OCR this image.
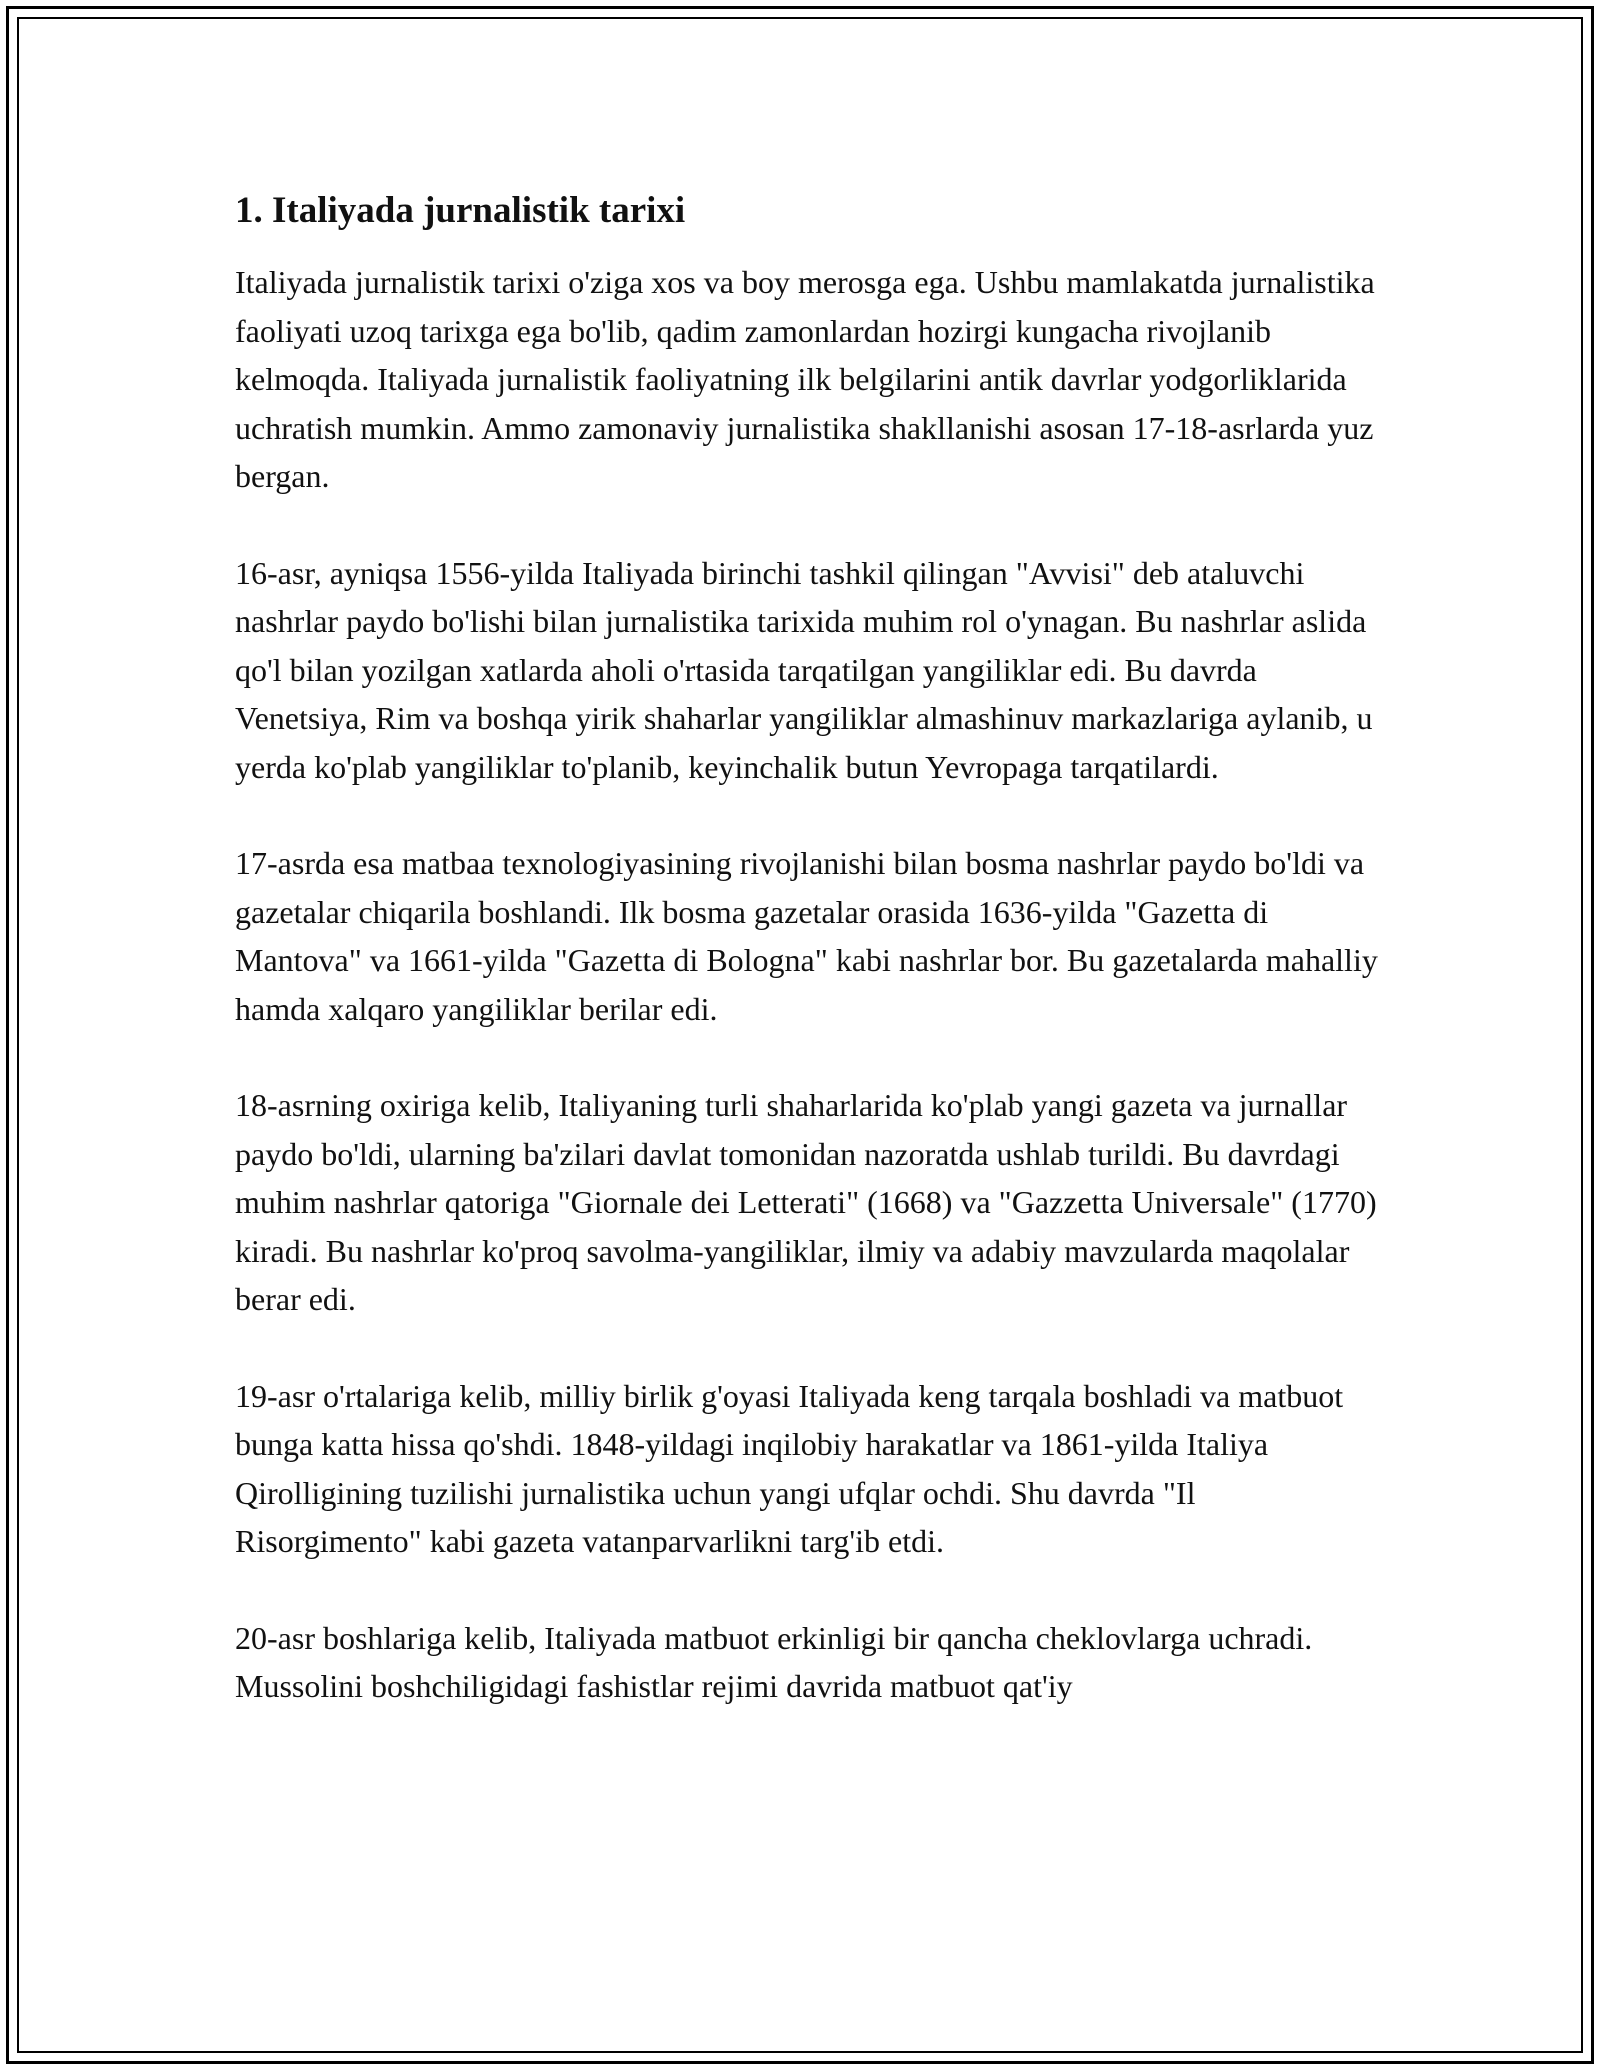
1. Italiyada jurnalistik tarixi

Italiyada jurnalistik tarixi o'ziga xos va boy merosga ega. Ushbu mamlakatda jurnalistika faoliyati uzoq tarixga ega bo'lib, qadim zamonlardan hozirgi kungacha rivojlanib kelmoqda. Italiyada jurnalistik faoliyatning ilk belgilarini antik davrlar yodgorliklarida uchratish mumkin. Ammo zamonaviy jurnalistika shakllanishi asosan 17-18-asrlarda yuz bergan.

16-asr, ayniqsa 1556-yilda Italiyada birinchi tashkil qilingan "Avvisi" deb ataluvchi nashrlar paydo bo'lishi bilan jurnalistika tarixida muhim rol o'ynagan. Bu nashrlar aslida qo'l bilan yozilgan xatlarda aholi o'rtasida tarqatilgan yangiliklar edi. Bu davrda Venetsiya, Rim va boshqa yirik shaharlar yangiliklar almashinuv markazlariga aylanib, u yerda ko'plab yangiliklar to'planib, keyinchalik butun Yevropaga tarqatilardi.

17-asrda esa matbaa texnologiyasining rivojlanishi bilan bosma nashrlar paydo bo'ldi va gazetalar chiqarila boshlandi. Ilk bosma gazetalar orasida 1636-yilda "Gazetta di Mantova" va 1661-yilda "Gazetta di Bologna" kabi nashrlar bor. Bu gazetalarda mahalliy hamda xalqaro yangiliklar berilar edi.

18-asrning oxiriga kelib, Italiyaning turli shaharlarida ko'plab yangi gazeta va jurnallar paydo bo'ldi, ularning ba'zilari davlat tomonidan nazoratda ushlab turildi. Bu davrdagi muhim nashrlar qatoriga "Giornale dei Letterati" (1668) va "Gazzetta Universale" (1770) kiradi. Bu nashrlar ko'proq savolma-yangiliklar, ilmiy va adabiy mavzularda maqolalar berar edi.

19-asr o'rtalariga kelib, milliy birlik g'oyasi Italiyada keng tarqala boshladi va matbuot bunga katta hissa qo'shdi. 1848-yildagi inqilobiy harakatlar va 1861-yilda Italiya Qirolligining tuzilishi jurnalistika uchun yangi ufqlar ochdi. Shu davrda "Il Risorgimento" kabi gazeta vatanparvarlikni targ'ib etdi.

20-asr boshlariga kelib, Italiyada matbuot erkinligi bir qancha cheklovlarga uchradi. Mussolini boshchiligidagi fashistlar rejimi davrida matbuot qat'iy
